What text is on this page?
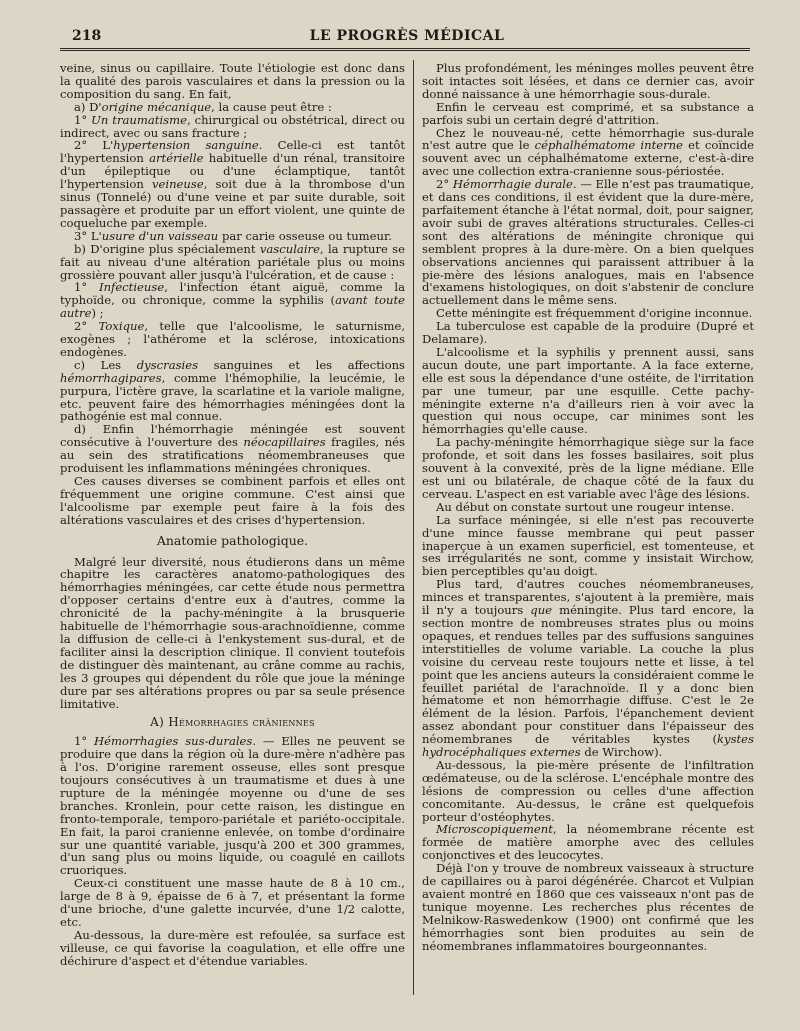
218	LE PROGRÈS MÉDICAL

veine, sinus ou capillaire. Toute l'étiologie est donc dans la qualité des parois vasculaires et dans la pression ou la composition du sang. En fait,

a) D'origine mécanique, la cause peut être :

1° Un traumatisme, chirurgical ou obstétrical, direct ou indirect, avec ou sans fracture ;

2° L'hypertension sanguine. Celle-ci est tantôt l'hypertension artérielle habituelle d'un rénal, transitoire d'un épileptique ou d'une éclamptique, tantôt l'hypertension veineuse, soit due à la thrombose d'un sinus (Tonnelé) ou d'une veine et par suite durable, soit passagère et produite par un effort violent, une quinte de coqueluche par exemple.

3° L'usure d'un vaisseau par carie osseuse ou tumeur.

b) D'origine plus spécialement vasculaire, la rupture se fait au niveau d'une altération pariétale plus ou moins grossière pouvant aller jusqu'à l'ulcération, et de cause :

1° Infectieuse, l'infection étant aiguë, comme la typhoïde, ou chronique, comme la syphilis (avant toute autre) ;

2° Toxique, telle que l'alcoolisme, le saturnisme, exogènes ; l'athérome et la sclérose, intoxications endogènes.

c) Les dyscrasies sanguines et les affections hémorrhagipares, comme l'hémophilie, la leucémie, le purpura, l'ictère grave, la scarlatine et la variole maligne, etc. peuvent faire des hémorrhagies méningées dont la pathogénie est mal connue.

d) Enfin l'hémorrhagie méningée est souvent consécutive à l'ouverture des néocapillaires fragiles, nés au sein des stratifications néomembraneuses que produisent les inflammations méningées chroniques.

Ces causes diverses se combinent parfois et elles ont fréquemment une origine commune. C'est ainsi que l'alcoolisme par exemple peut faire à la fois des altérations vasculaires et des crises d'hypertension.

Anatomie pathologique.

Malgré leur diversité, nous étudierons dans un même chapitre les caractères anatomo-pathologiques des hémorrhagies méningées, car cette étude nous permettra d'opposer certains d'entre eux à d'autres, comme la chronicité de la pachy-méningite à la brusquerie habituelle de l'hémorrhagie sous-arachnoïdienne, comme la diffusion de celle-ci à l'enkystement sus-dural, et de faciliter ainsi la description clinique. Il convient toutefois de distinguer dès maintenant, au crâne comme au rachis, les 3 groupes qui dépendent du rôle que joue la méninge dure par ses altérations propres ou par sa seule présence limitative.

A) Hémorrhagies crâniennes

1° Hémorrhagies sus-durales. — Elles ne peuvent se produire que dans la région où la dure-mère n'adhère pas à l'os. D'origine rarement osseuse, elles sont presque toujours consécutives à un traumatisme et dues à une rupture de la méningée moyenne ou d'une de ses branches. Kronlein, pour cette raison, les distingue en fronto-temporale, temporo-pariétale et pariéto-occipitale. En fait, la paroi cranienne enlevée, on tombe d'ordinaire sur une quantité variable, jusqu'à 200 et 300 grammes, d'un sang plus ou moins liquide, ou coagulé en caillots cruoriques.

Ceux-ci constituent une masse haute de 8 à 10 cm., large de 8 à 9, épaisse de 6 à 7, et présentant la forme d'une brioche, d'une galette incurvée, d'une 1/2 calotte, etc.

Au-dessous, la dure-mère est refoulée, sa surface est villeuse, ce qui favorise la coagulation, et elle offre une déchirure d'aspect et d'étendue variables.

Plus profondément, les méninges molles peuvent être soit intactes soit lésées, et dans ce dernier cas, avoir donné naissance à une hémorrhagie sous-durale.

Enfin le cerveau est comprimé, et sa substance a parfois subi un certain degré d'attrition.

Chez le nouveau-né, cette hémorrhagie sus-durale n'est autre que le céphalhématome interne et coïncide souvent avec un céphalhématome externe, c'est-à-dire avec une collection extra-cranienne sous-périostée.

2° Hémorrhagie durale. — Elle n'est pas traumatique, et dans ces conditions, il est évident que la dure-mère, parfaitement étanche à l'état normal, doit, pour saigner, avoir subi de graves altérations structurales. Celles-ci sont des altérations de méningite chronique qui semblent propres à la dure-mère. On a bien quelques observations anciennes qui paraissent attribuer à la pie-mère des lésions analogues, mais en l'absence d'examens histologiques, on doit s'abstenir de conclure actuellement dans le même sens.

Cette méningite est fréquemment d'origine inconnue.

La tuberculose est capable de la produire (Dupré et Delamare).

L'alcoolisme et la syphilis y prennent aussi, sans aucun doute, une part importante. A la face externe, elle est sous la dépendance d'une ostéite, de l'irritation par une tumeur, par une esquille. Cette pachy-méningite externe n'a d'ailleurs rien à voir avec la question qui nous occupe, car minimes sont les hémorrhagies qu'elle cause.

La pachy-méningite hémorrhagique siège sur la face profonde, et soit dans les fosses basilaires, soit plus souvent à la convexité, près de la ligne médiane. Elle est uni ou bilatérale, de chaque côté de la faux du cerveau. L'aspect en est variable avec l'âge des lésions.

Au début on constate surtout une rougeur intense.

La surface méningée, si elle n'est pas recouverte d'une mince fausse membrane qui peut passer inaperçue à un examen superficiel, est tomenteuse, et ses irrégularités ne sont, comme y insistait Wirchow, bien perceptibles qu'au doigt.

Plus tard, d'autres couches néomembraneuses, minces et transparentes, s'ajoutent à la première, mais il n'y a toujours que méningite. Plus tard encore, la section montre de nombreuses strates plus ou moins opaques, et rendues telles par des suffusions sanguines interstitielles de volume variable. La couche la plus voisine du cerveau reste toujours nette et lisse, à tel point que les anciens auteurs la considéraient comme le feuillet pariétal de l'arachnoïde. Il y a donc bien hématome et non hémorrhagie diffuse. C'est le 2e élément de la lésion. Parfois, l'épanchement devient assez abondant pour constituer dans l'épaisseur des néomembranes de véritables kystes (kystes hydrocéphaliques externes de Wirchow).

Au-dessous, la pie-mère présente de l'infiltration œdémateuse, ou de la sclérose. L'encéphale montre des lésions de compression ou celles d'une affection concomitante. Au-dessus, le crâne est quelquefois porteur d'ostéophytes.

Microscopiquement, la néomembrane récente est formée de matière amorphe avec des cellules conjonctives et des leucocytes.

Déjà l'on y trouve de nombreux vaisseaux à structure de capillaires ou à paroi dégénérée. Charcot et Vulpian avaient montré en 1860 que ces vaisseaux n'ont pas de tunique moyenne. Les recherches plus récentes de Melnikow-Raswedenkow (1900) ont confirmé que les hémorrhagies sont bien produites au sein de néomembranes inflammatoires bourgeonnantes.
